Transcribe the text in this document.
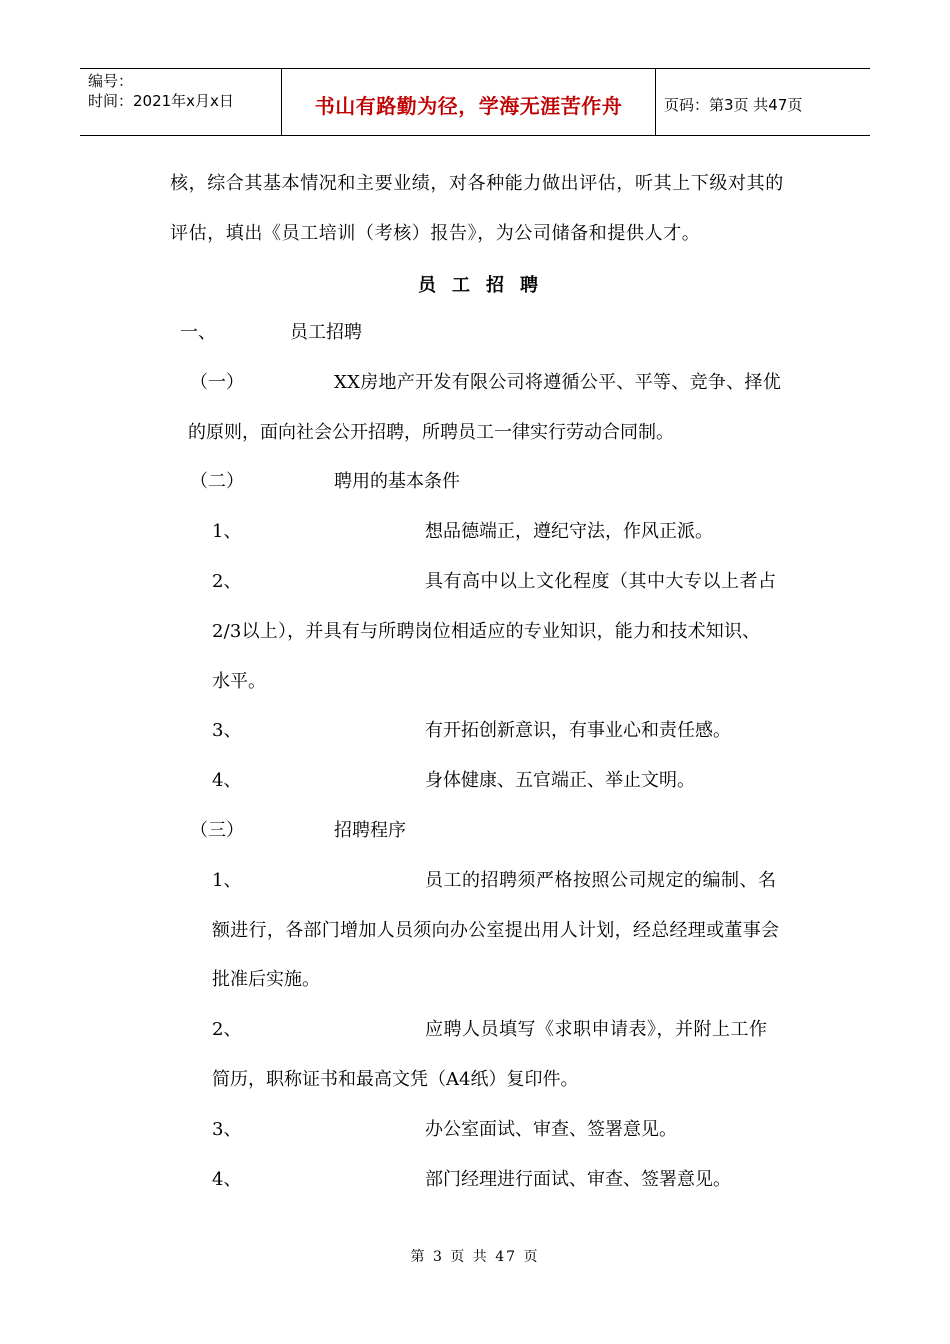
编号：
时间：2021年x月x日	书山有路勤为径，学海无涯苦作舟	页码：第3页 共47页
核，综合其基本情况和主要业绩，对各种能力做出评估，听其上下级对其的
评估，填出《员工培训（考核）报告》，为公司储备和提供人才。
员工招聘
一、	员工招聘
（一）	XX房地产开发有限公司将遵循公平、平等、竞争、择优
的原则，面向社会公开招聘，所聘员工一律实行劳动合同制。
（二）	聘用的基本条件
1、	想品德端正，遵纪守法，作风正派。
2、	具有高中以上文化程度（其中大专以上者占
2/3以上），并具有与所聘岗位相适应的专业知识，能力和技术知识、
水平。
3、	有开拓创新意识，有事业心和责任感。
4、	身体健康、五官端正、举止文明。
（三）	招聘程序
1、	员工的招聘须严格按照公司规定的编制、名
额进行，各部门增加人员须向办公室提出用人计划，经总经理或董事会
批准后实施。
2、	应聘人员填写《求职申请表》，并附上工作
简历，职称证书和最高文凭（A4纸）复印件。
3、	办公室面试、审查、签署意见。
4、	部门经理进行面试、审查、签署意见。
第 3 页 共 47 页
